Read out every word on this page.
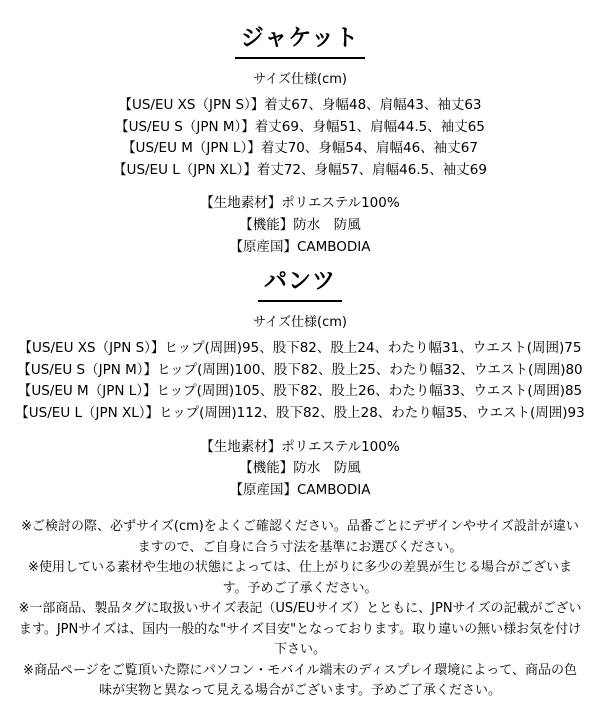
ジャケット
サイズ仕様(cm)
【US/EU XS（JPN S）】着丈67、身幅48、肩幅43、袖丈63
【US/EU S（JPN M）】着丈69、身幅51、肩幅44.5、袖丈65
【US/EU M（JPN L）】着丈70、身幅54、肩幅46、袖丈67
【US/EU L（JPN XL）】着丈72、身幅57、肩幅46.5、袖丈69
【生地素材】ポリエステル100%
【機能】防水　防風
【原産国】CAMBODIA
パンツ
サイズ仕様(cm)
【US/EU XS（JPN S）】ヒップ(周囲)95、股下82、股上24、わたり幅31、ウエスト(周囲)75
【US/EU S（JPN M）】ヒップ(周囲)100、股下82、股上25、わたり幅32、ウエスト(周囲)80
【US/EU M（JPN L）】ヒップ(周囲)105、股下82、股上26、わたり幅33、ウエスト(周囲)85
【US/EU L（JPN XL）】ヒップ(周囲)112、股下82、股上28、わたり幅35、ウエスト(周囲)93
【生地素材】ポリエステル100%
【機能】防水　防風
【原産国】CAMBODIA
※ご検討の際、必ずサイズ(cm)をよくご確認ください。品番ごとにデザインやサイズ設計が違い
ますので、ご自身に合う寸法を基準にお選びください。
※使用している素材や生地の状態によっては、仕上がりに多少の差異が生じる場合がございま
す。予めご了承ください。
※一部商品、製品タグに取扱いサイズ表記（US/EUサイズ）とともに、JPNサイズの記載がござい
ます。JPNサイズは、国内一般的な"サイズ目安"となっております。取り違いの無い様お気を付け
下さい。
※商品ページをご覧頂いた際にパソコン・モバイル端末のディスプレイ環境によって、商品の色
味が実物と異なって見える場合がございます。予めご了承ください。
